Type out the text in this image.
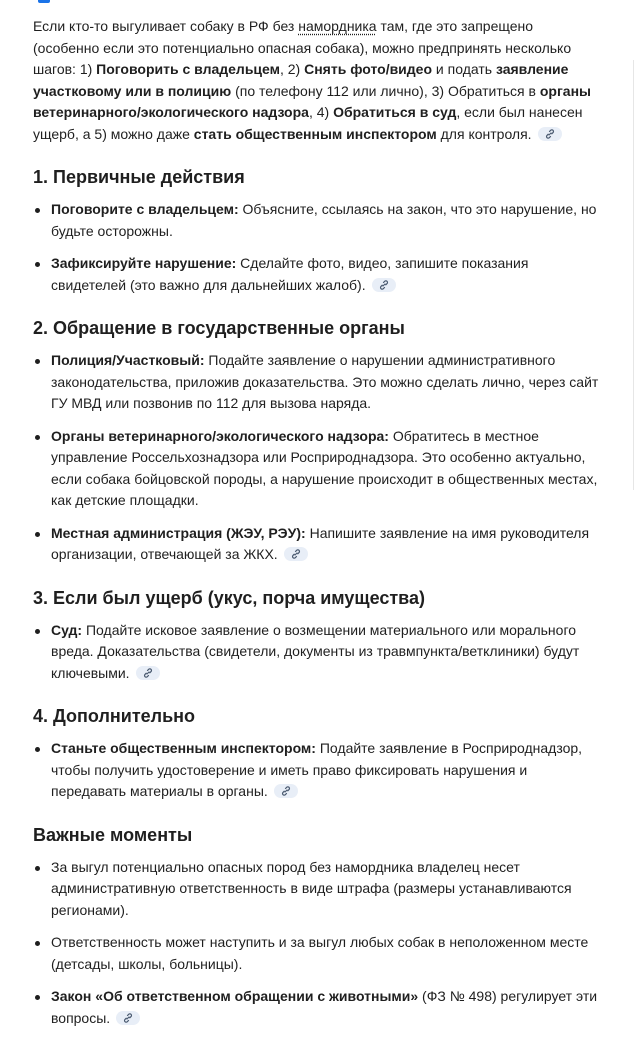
Если кто-то выгуливает собаку в РФ без намордника там, где это запрещено (особенно если это потенциально опасная собака), можно предпринять несколько шагов: 1) Поговорить с владельцем, 2) Снять фото/видео и подать заявление участковому или в полицию (по телефону 112 или лично), 3) Обратиться в органы ветеринарного/экологического надзора, 4) Обратиться в суд, если был нанесен ущерб, а 5) можно даже стать общественным инспектором для контроля.

1. Первичные действия
Поговорите с владельцем: Объясните, ссылаясь на закон, что это нарушение, но будьте осторожны.
Зафиксируйте нарушение: Сделайте фото, видео, запишите показания свидетелей (это важно для дальнейших жалоб).
2. Обращение в государственные органы
Полиция/Участковый: Подайте заявление о нарушении административного законодательства, приложив доказательства. Это можно сделать лично, через сайт ГУ МВД или позвонив по 112 для вызова наряда.
Органы ветеринарного/экологического надзора: Обратитесь в местное управление Россельхознадзора или Росприроднадзора. Это особенно актуально, если собака бойцовской породы, а нарушение происходит в общественных местах, как детские площадки.
Местная администрация (ЖЭУ, РЭУ): Напишите заявление на имя руководителя организации, отвечающей за ЖКХ.
3. Если был ущерб (укус, порча имущества)
Суд: Подайте исковое заявление о возмещении материального или морального вреда. Доказательства (свидетели, документы из травмпункта/ветклиники) будут ключевыми.
4. Дополнительно
Станьте общественным инспектором: Подайте заявление в Росприроднадзор, чтобы получить удостоверение и иметь право фиксировать нарушения и передавать материалы в органы.
Важные моменты
За выгул потенциально опасных пород без намордника владелец несет административную ответственность в виде штрафа (размеры устанавливаются регионами).
Ответственность может наступить и за выгул любых собак в неположенном месте (детсады, школы, больницы).
Закон «Об ответственном обращении с животными» (ФЗ № 498) регулирует эти вопросы.
